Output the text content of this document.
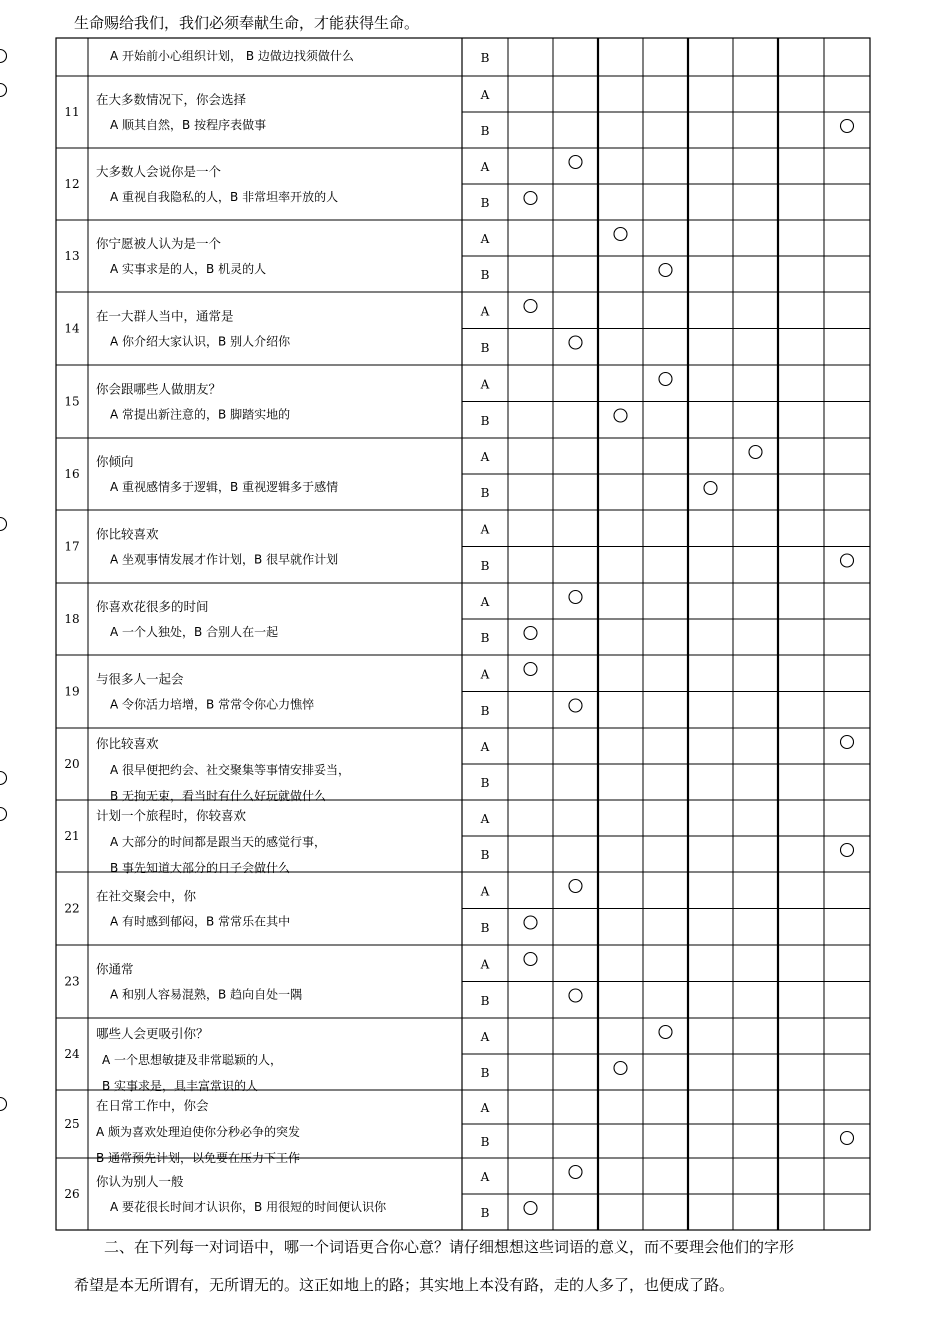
生命赐给我们，我们必须奉献生命，才能获得生命。
A 开始前小心组织计划， B 边做边找须做什么	B
11
在大多数情况下，你会选择
A 顺其自然，B 按程序表做事
A
B
12
大多数人会说你是一个
A 重视自我隐私的人，B 非常坦率开放的人
A
B
13
你宁愿被人认为是一个
A 实事求是的人，B 机灵的人
A
B
14
在一大群人当中，通常是
A 你介绍大家认识，B 别人介绍你
A
B
15
你会跟哪些人做朋友？
A 常提出新注意的，B 脚踏实地的
A
B
16
你倾向
A 重视感情多于逻辑，B 重视逻辑多于感情
A
B
17
你比较喜欢
A 坐观事情发展才作计划，B 很早就作计划
A
B
18
你喜欢花很多的时间
A 一个人独处，B 合别人在一起
A
B
19
与很多人一起会
A 令你活力培增，B 常常令你心力憔悴
A
B
20
你比较喜欢
A 很早便把约会、社交聚集等事情安排妥当，
B 无拘无束，看当时有什么好玩就做什么
A
B
21
计划一个旅程时，你较喜欢
A 大部分的时间都是跟当天的感觉行事，
B 事先知道大部分的日子会做什么
A
B
22
在社交聚会中，你
A 有时感到郁闷，B 常常乐在其中
A
B
23
你通常
A 和别人容易混熟，B 趋向自处一隅
A
B
24
哪些人会更吸引你？
A 一个思想敏捷及非常聪颖的人，
B 实事求是，具丰富常识的人
A
B
25
在日常工作中，你会
A 颇为喜欢处理迫使你分秒必争的突发
B 通常预先计划，以免要在压力下工作
A
B
26
你认为别人一般
A 要花很长时间才认识你，B 用很短的时间便认识你
A
B
二、在下列每一对词语中，哪一个词语更合你心意？请仔细想想这些词语的意义，而不要理会他们的字形
希望是本无所谓有，无所谓无的。这正如地上的路；其实地上本没有路，走的人多了，也便成了路。
